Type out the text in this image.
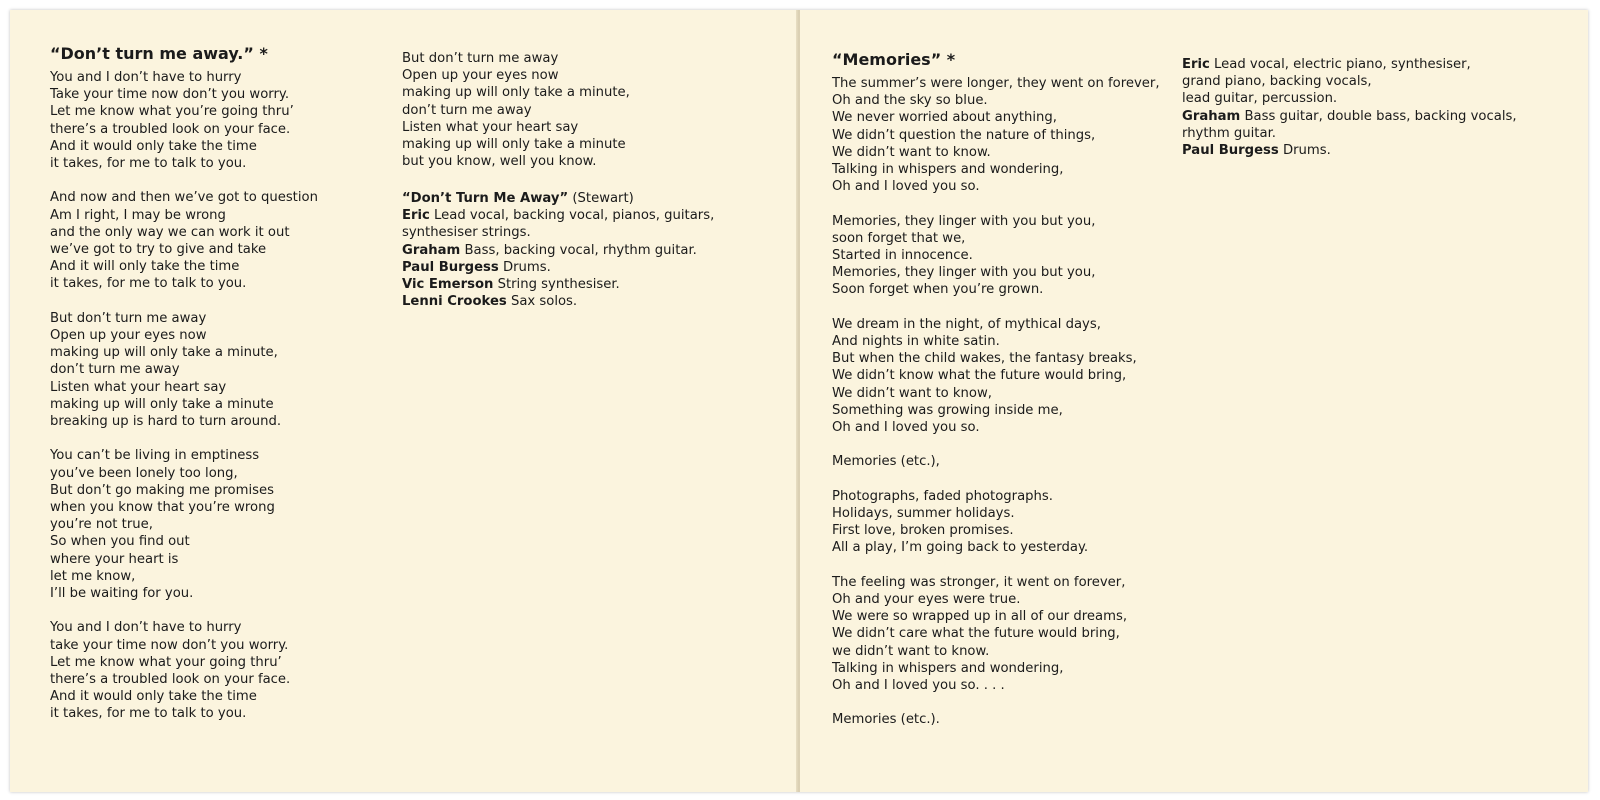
“Don’t turn me away.” *
You and I don’t have to hurry
Take your time now don’t you worry.
Let me know what you’re going thru’
there’s a troubled look on your face.
And it would only take the time
it takes, for me to talk to you.
And now and then we’ve got to question
Am I right, I may be wrong
and the only way we can work it out
we’ve got to try to give and take
And it will only take the time
it takes, for me to talk to you.
But don’t turn me away
Open up your eyes now
making up will only take a minute,
don’t turn me away
Listen what your heart say
making up will only take a minute
breaking up is hard to turn around.
You can’t be living in emptiness
you’ve been lonely too long,
But don’t go making me promises
when you know that you’re wrong
you’re not true,
So when you find out
where your heart is
let me know,
I’ll be waiting for you.
You and I don’t have to hurry
take your time now don’t you worry.
Let me know what your going thru’
there’s a troubled look on your face.
And it would only take the time
it takes, for me to talk to you.
But don’t turn me away
Open up your eyes now
making up will only take a minute,
don’t turn me away
Listen what your heart say
making up will only take a minute
but you know, well you know.
“Don’t Turn Me Away” (Stewart)
Eric Lead vocal, backing vocal, pianos, guitars,
synthesiser strings.
Graham Bass, backing vocal, rhythm guitar.
Paul Burgess Drums.
Vic Emerson String synthesiser.
Lenni Crookes Sax solos.
“Memories” *
The summer’s were longer, they went on forever,
Oh and the sky so blue.
We never worried about anything,
We didn’t question the nature of things,
We didn’t want to know.
Talking in whispers and wondering,
Oh and I loved you so.
Memories, they linger with you but you,
soon forget that we,
Started in innocence.
Memories, they linger with you but you,
Soon forget when you’re grown.
We dream in the night, of mythical days,
And nights in white satin.
But when the child wakes, the fantasy breaks,
We didn’t know what the future would bring,
We didn’t want to know,
Something was growing inside me,
Oh and I loved you so.
Memories (etc.),
Photographs, faded photographs.
Holidays, summer holidays.
First love, broken promises.
All a play, I’m going back to yesterday.
The feeling was stronger, it went on forever,
Oh and your eyes were true.
We were so wrapped up in all of our dreams,
We didn’t care what the future would bring,
we didn’t want to know.
Talking in whispers and wondering,
Oh and I loved you so. . . .
Memories (etc.).
Eric Lead vocal, electric piano, synthesiser,
grand piano, backing vocals,
lead guitar, percussion.
Graham Bass guitar, double bass, backing vocals,
rhythm guitar.
Paul Burgess Drums.
